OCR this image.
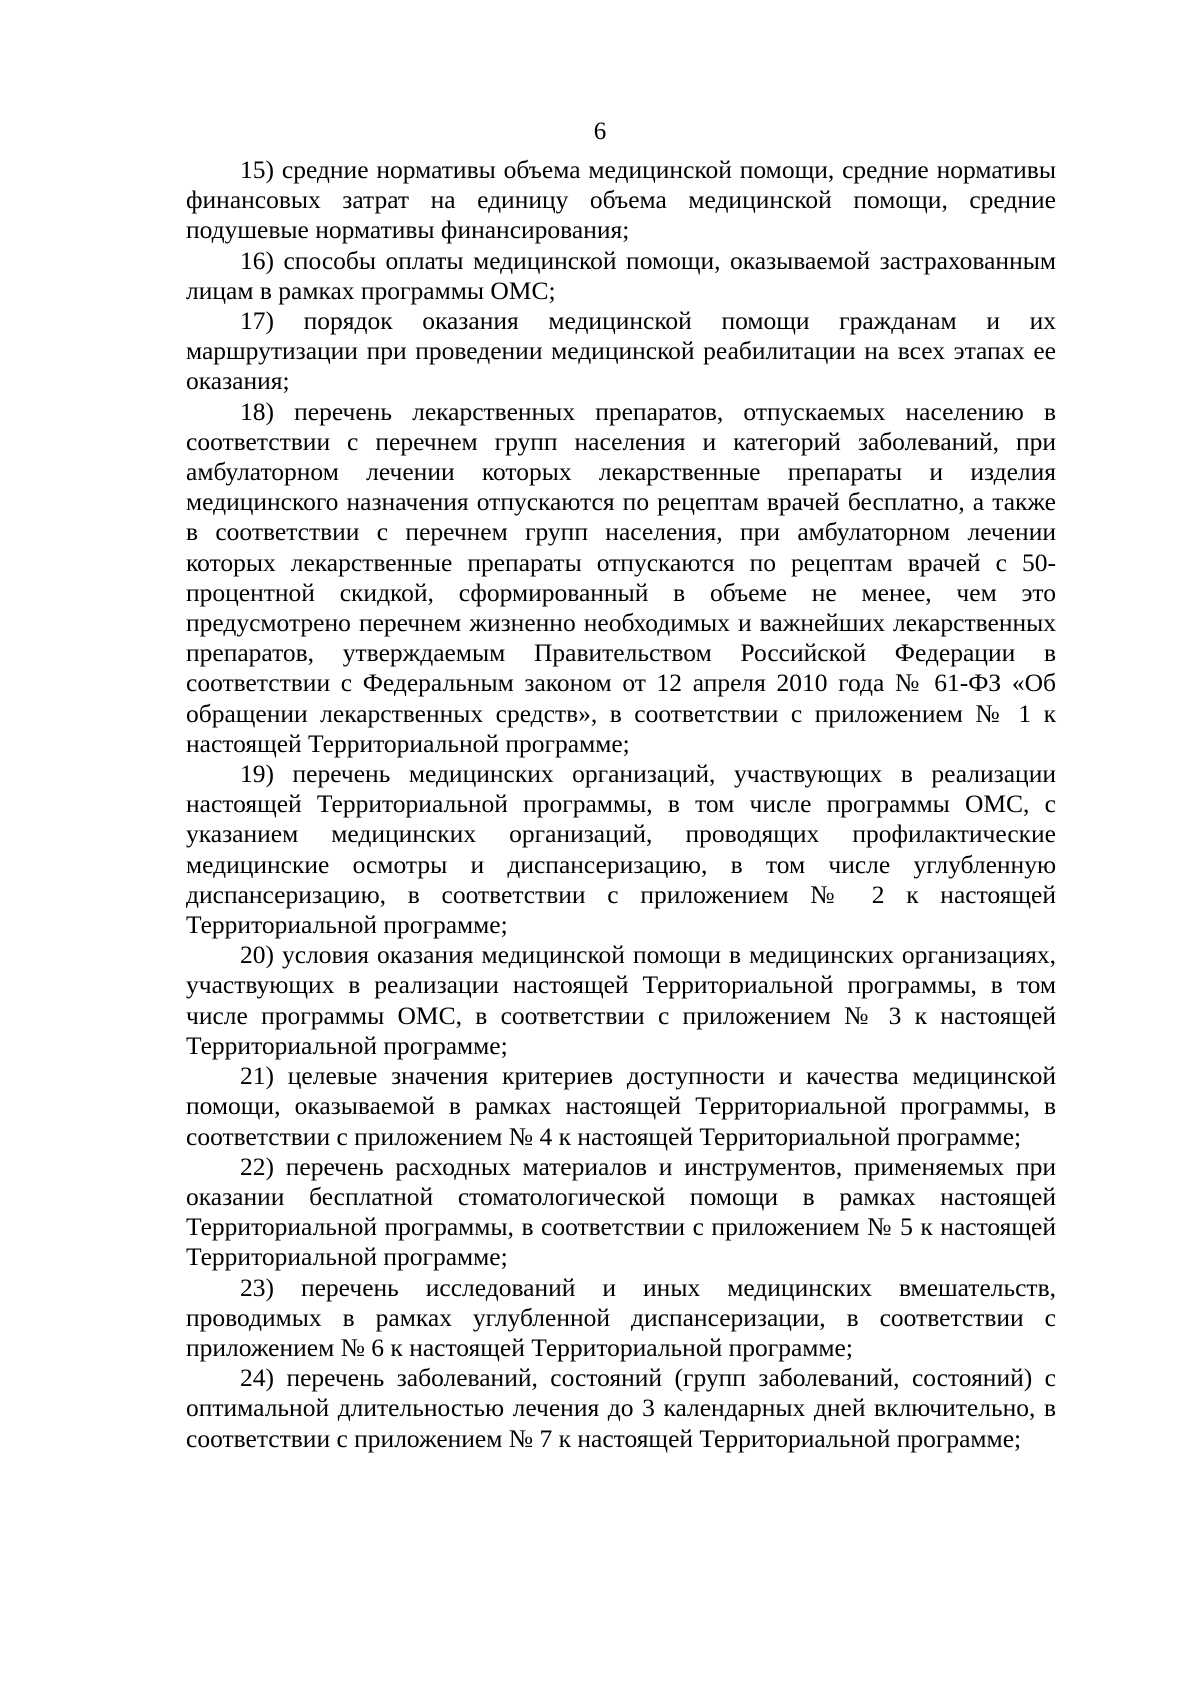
6

15) средние нормативы объема медицинской помощи, средние нормативы финансовых затрат на единицу объема медицинской помощи, средние подушевые нормативы финансирования;

16) способы оплаты медицинской помощи, оказываемой застрахованным лицам в рамках программы ОМС;

17) порядок оказания медицинской помощи гражданам и их маршрутизации при проведении медицинской реабилитации на всех этапах ее оказания;

18) перечень лекарственных препаратов, отпускаемых населению в соответствии с перечнем групп населения и категорий заболеваний, при амбулаторном лечении которых лекарственные препараты и изделия медицинского назначения отпускаются по рецептам врачей бесплатно, а также в соответствии с перечнем групп населения, при амбулаторном лечении которых лекарственные препараты отпускаются по рецептам врачей с 50-процентной скидкой, сформированный в объеме не менее, чем это предусмотрено перечнем жизненно необходимых и важнейших лекарственных препаратов, утверждаемым Правительством Российской Федерации в соответствии с Федеральным законом от 12 апреля 2010 года № 61-ФЗ «Об обращении лекарственных средств», в соответствии с приложением № 1 к настоящей Территориальной программе;

19) перечень медицинских организаций, участвующих в реализации настоящей Территориальной программы, в том числе программы ОМС, с указанием медицинских организаций, проводящих профилактические медицинские осмотры и диспансеризацию, в том числе углубленную диспансеризацию, в соответствии с приложением № 2 к настоящей Территориальной программе;

20) условия оказания медицинской помощи в медицинских организациях, участвующих в реализации настоящей Территориальной программы, в том числе программы ОМС, в соответствии с приложением № 3 к настоящей Территориальной программе;

21) целевые значения критериев доступности и качества медицинской помощи, оказываемой в рамках настоящей Территориальной программы, в соответствии с приложением № 4 к настоящей Территориальной программе;

22) перечень расходных материалов и инструментов, применяемых при оказании бесплатной стоматологической помощи в рамках настоящей Территориальной программы, в соответствии с приложением № 5 к настоящей Территориальной программе;

23) перечень исследований и иных медицинских вмешательств, проводимых в рамках углубленной диспансеризации, в соответствии с приложением № 6 к настоящей Территориальной программе;

24) перечень заболеваний, состояний (групп заболеваний, состояний) с оптимальной длительностью лечения до 3 календарных дней включительно, в соответствии с приложением № 7 к настоящей Территориальной программе;
